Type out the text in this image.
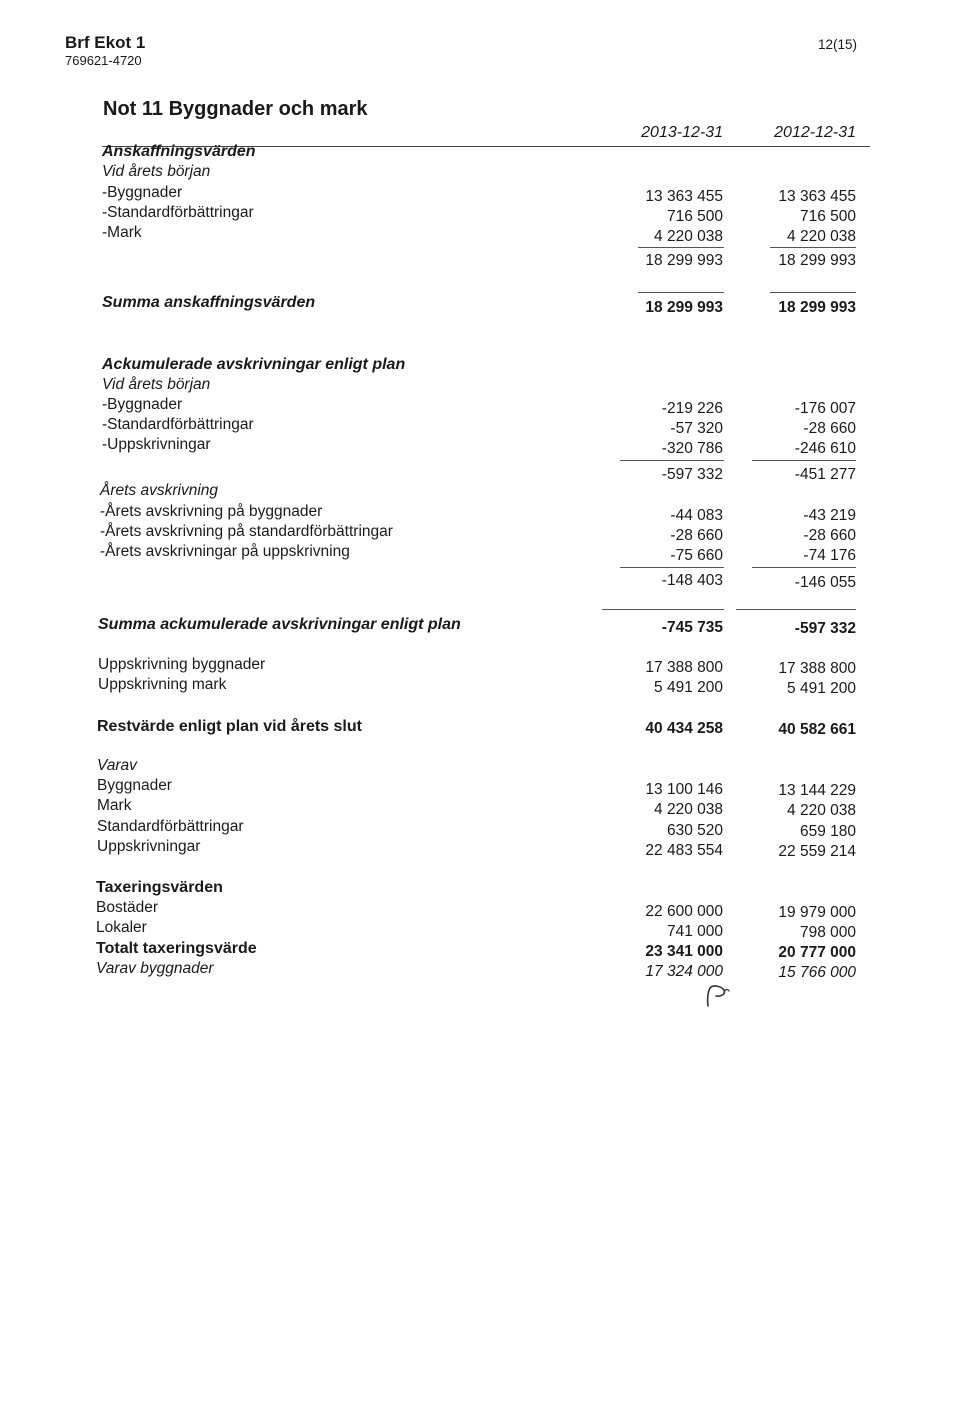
Brf Ekot 1
769621-4720
12(15)
Not 11 Byggnader och mark
2013-12-31	2012-12-31
Anskaffningsvärden
Vid årets början
-Byggnader	13 363 455	13 363 455
-Standardförbättringar	716 500	716 500
-Mark	4 220 038	4 220 038
18 299 993	18 299 993
Summa anskaffningsvärden	18 299 993	18 299 993
Ackumulerade avskrivningar enligt plan
Vid årets början
-Byggnader	-219 226	-176 007
-Standardförbättringar	-57 320	-28 660
-Uppskrivningar	-320 786	-246 610
-597 332	-451 277
Årets avskrivning
-Årets avskrivning på byggnader	-44 083	-43 219
-Årets avskrivning på standardförbättringar	-28 660	-28 660
-Årets avskrivningar på uppskrivning	-75 660	-74 176
-148 403	-146 055
Summa ackumulerade avskrivningar enligt plan	-745 735	-597 332
Uppskrivning byggnader	17 388 800	17 388 800
Uppskrivning mark	5 491 200	5 491 200
Restvärde enligt plan vid årets slut	40 434 258	40 582 661
Varav
Byggnader	13 100 146	13 144 229
Mark	4 220 038	4 220 038
Standardförbättringar	630 520	659 180
Uppskrivningar	22 483 554	22 559 214
Taxeringsvärden
Bostäder	22 600 000	19 979 000
Lokaler	741 000	798 000
Totalt taxeringsvärde	23 341 000	20 777 000
Varav byggnader	17 324 000	15 766 000
